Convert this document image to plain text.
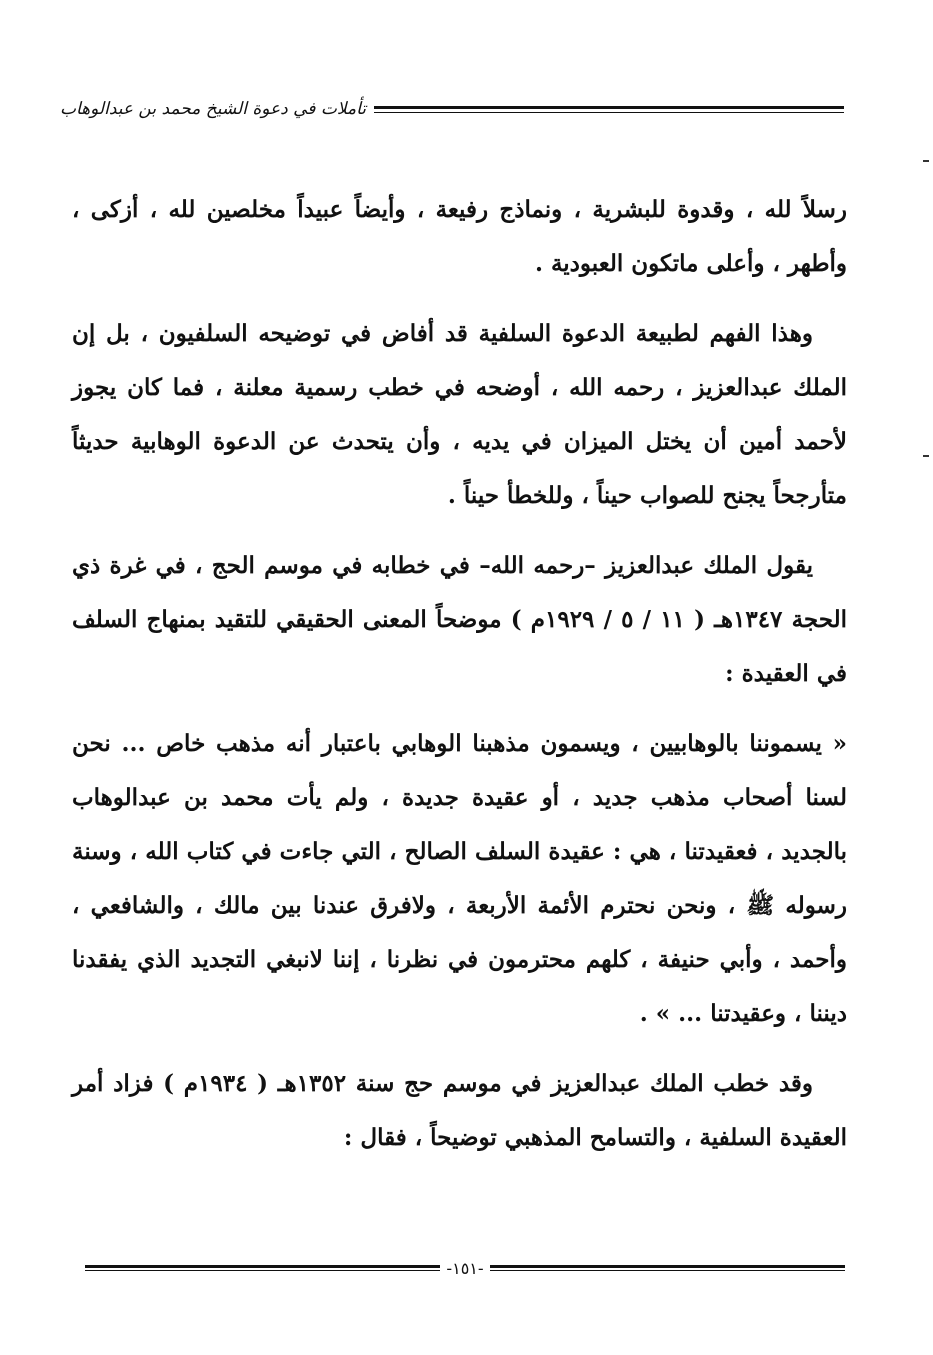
تأملات في دعوة الشيخ محمد بن عبدالوهاب

رسلاً لله ، وقدوة للبشرية ، ونماذج رفيعة ، وأيضاً عبيداً مخلصين لله ، أزكى ، وأطهر ، وأعلى ماتكون العبودية .

وهذا الفهم لطبيعة الدعوة السلفية قد أفاض في توضيحه السلفيون ، بل إن الملك عبدالعزيز ، رحمه الله ، أوضحه في خطب رسمية معلنة ، فما كان يجوز لأحمد أمين أن يختل الميزان في يديه ، وأن يتحدث عن الدعوة الوهابية حديثاً متأرجحاً يجنح للصواب حيناً ، وللخطأ حيناً .

يقول الملك عبدالعزيز –رحمه الله– في خطابه في موسم الحج ، في غرة ذي الحجة ١٣٤٧هـ ( ١١ / ٥ / ١٩٢٩م ) موضحاً المعنى الحقيقي للتقيد بمنهاج السلف في العقيدة :

« يسموننا بالوهابيين ، ويسمون مذهبنا الوهابي باعتبار أنه مذهب خاص ... نحن لسنا أصحاب مذهب جديد ، أو عقيدة جديدة ، ولم يأت محمد بن عبدالوهاب بالجديد ، فعقيدتنا ، هي : عقيدة السلف الصالح ، التي جاءت في كتاب الله ، وسنة رسوله ﷺ ، ونحن نحترم الأئمة الأربعة ، ولافرق عندنا بين مالك ، والشافعي ، وأحمد ، وأبي حنيفة ، كلهم محترمون في نظرنا ، إننا لانبغي التجديد الذي يفقدنا ديننا ، وعقيدتنا ... » .

وقد خطب الملك عبدالعزيز في موسم حج سنة ١٣٥٢هـ ( ١٩٣٤م ) فزاد أمر العقيدة السلفية ، والتسامح المذهبي توضيحاً ، فقال :

-١٥١-
